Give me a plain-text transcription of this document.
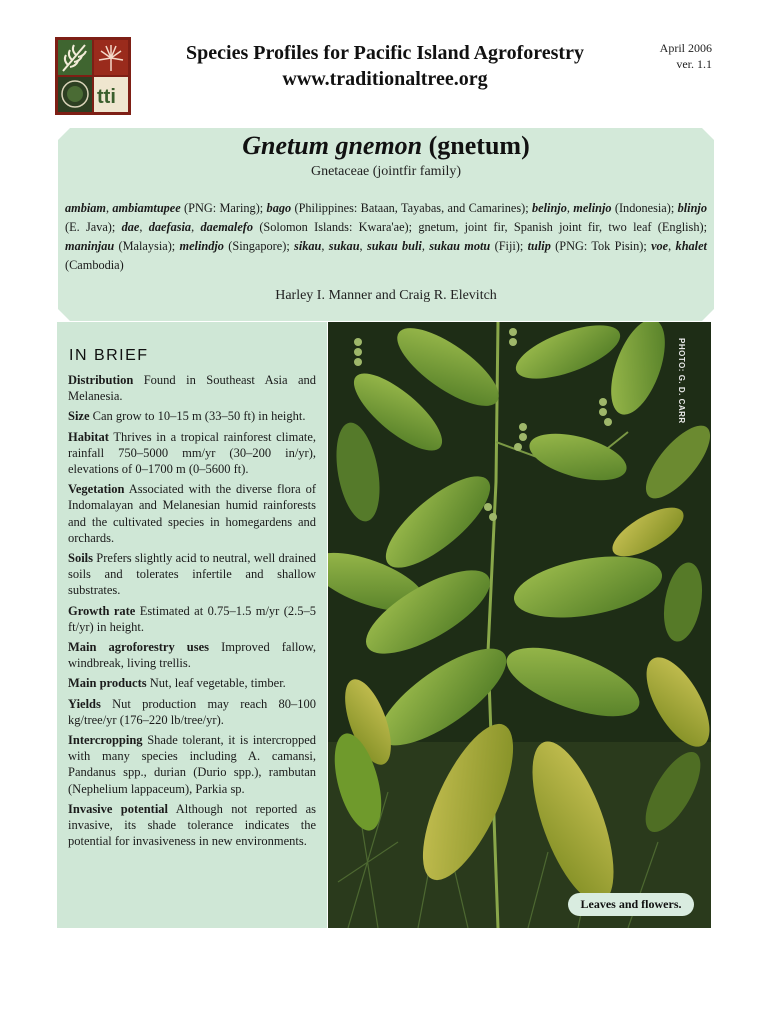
tti
Species Profiles for Pacific Island Agroforestry
www.traditionaltree.org
April 2006
ver. 1.1
Gnetum gnemon (gnetum)
Gnetaceae (jointfir family)
ambiam, ambiamtupee (PNG: Maring); bago (Philippines: Bataan, Tayabas, and Camarines); belinjo, melinjo (Indonesia); blinjo (E. Java); dae, daefasia, daemalefo (Solomon Islands: Kwara'ae); gnetum, joint fir, Spanish joint fir, two leaf (English); maninjau (Malaysia); melindjo (Singapore); sikau, sukau, sukau buli, sukau motu (Fiji); tulip (PNG: Tok Pisin); voe, khalet (Cambodia)
Harley I. Manner and Craig R. Elevitch
IN BRIEF

Distribution Found in Southeast Asia and Melanesia.

Size Can grow to 10–15 m (33–50 ft) in height.

Habitat Thrives in a tropical rainforest climate, rainfall 750–5000 mm/yr (30–200 in/yr), elevations of 0–1700 m (0–5600 ft).

Vegetation Associated with the diverse flora of Indomalayan and Melanesian humid rainforests and the cultivated species in homegardens and orchards.

Soils Prefers slightly acid to neutral, well drained soils and tolerates infertile and shallow substrates.

Growth rate Estimated at 0.75–1.5 m/yr (2.5–5 ft/yr) in height.

Main agroforestry uses Improved fallow, windbreak, living trellis.

Main products Nut, leaf vegetable, timber.

Yields Nut production may reach 80–100 kg/tree/yr (176–220 lb/tree/yr).

Intercropping Shade tolerant, it is intercropped with many species including A. camansi, Pandanus spp., durian (Durio spp.), rambutan (Nephelium lappaceum), Parkia sp.

Invasive potential Although not reported as invasive, its shade tolerance indicates the potential for invasiveness in new environments.

PHOTO: G. D. CARR
Leaves and flowers.
